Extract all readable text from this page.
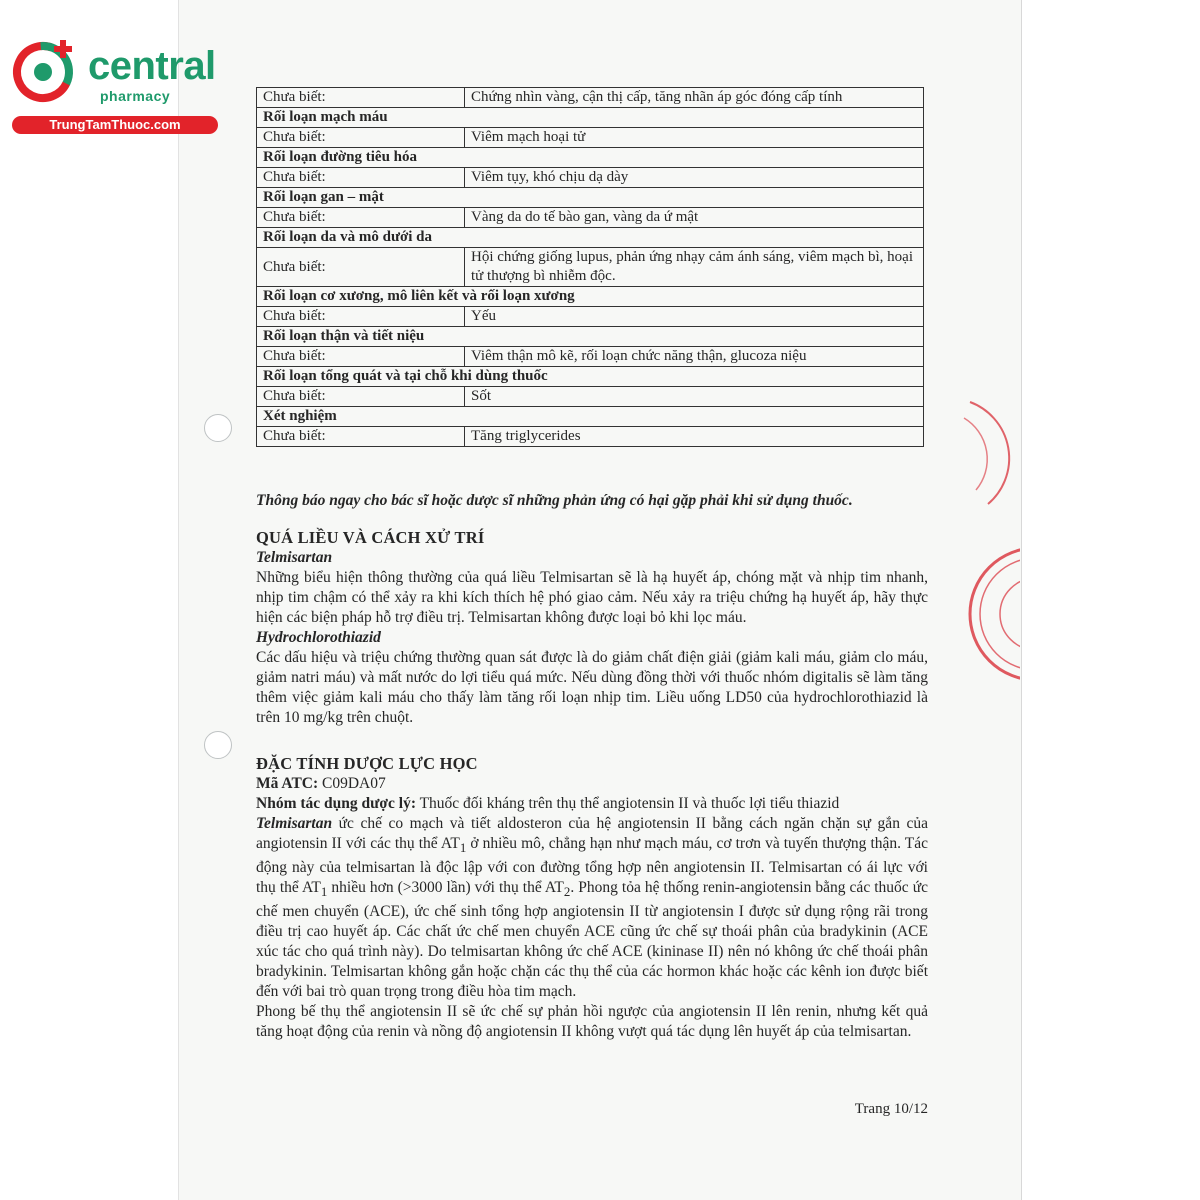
central
pharmacy
TrungTamThuoc.com
Chưa biết:	Chứng nhìn vàng, cận thị cấp, tăng nhãn áp góc đóng cấp tính
Rối loạn mạch máu	
Chưa biết:	Viêm mạch hoại tử
Rối loạn đường tiêu hóa	
Chưa biết:	Viêm tụy, khó chịu dạ dày
Rối loạn gan – mật	
Chưa biết:	Vàng da do tế bào gan, vàng da ứ mật
Rối loạn da và mô dưới da	
Chưa biết:	Hội chứng giống lupus, phản ứng nhạy cảm ánh sáng, viêm mạch bì, hoại tử thượng bì nhiễm độc.
Rối loạn cơ xương, mô liên kết và rối loạn xương	
Chưa biết:	Yếu
Rối loạn thận và tiết niệu	
Chưa biết:	Viêm thận mô kẽ, rối loạn chức năng thận, glucoza niệu
Rối loạn tổng quát và tại chỗ khi dùng thuốc	
Chưa biết:	Sốt
Xét nghiệm	
Chưa biết:	Tăng triglycerides

Thông báo ngay cho bác sĩ hoặc dược sĩ những phản ứng có hại gặp phải khi sử dụng thuốc.

QUÁ LIỀU VÀ CÁCH XỬ TRÍ

Telmisartan

Những biểu hiện thông thường của quá liều Telmisartan sẽ là hạ huyết áp, chóng mặt và nhịp tim nhanh, nhịp tim chậm có thể xảy ra khi kích thích hệ phó giao cảm. Nếu xảy ra triệu chứng hạ huyết áp, hãy thực hiện các biện pháp hỗ trợ điều trị. Telmisartan không được loại bỏ khi lọc máu.

Hydrochlorothiazid

Các dấu hiệu và triệu chứng thường quan sát được là do giảm chất điện giải (giảm kali máu, giảm clo máu, giảm natri máu) và mất nước do lợi tiểu quá mức. Nếu dùng đồng thời với thuốc nhóm digitalis sẽ làm tăng thêm việc giảm kali máu cho thấy làm tăng rối loạn nhịp tim. Liều uống LD50 của hydrochlorothiazid là trên 10 mg/kg trên chuột.

ĐẶC TÍNH DƯỢC LỰC HỌC

Mã ATC: C09DA07

Nhóm tác dụng dược lý: Thuốc đối kháng trên thụ thể angiotensin II và thuốc lợi tiểu thiazid

Telmisartan ức chế co mạch và tiết aldosteron của hệ angiotensin II bằng cách ngăn chặn sự gắn của angiotensin II với các thụ thể $AT_1$ ở nhiều mô, chẳng hạn như mạch máu, cơ trơn và tuyến thượng thận. Tác động này của telmisartan là độc lập với con đường tổng hợp nên angiotensin II. Telmisartan có ái lực với thụ thể $AT_1$ nhiều hơn (>3000 lần) với thụ thể $AT_2$. Phong tỏa hệ thống renin-angiotensin bằng các thuốc ức chế men chuyển (ACE), ức chế sinh tổng hợp angiotensin II từ angiotensin I được sử dụng rộng rãi trong điều trị cao huyết áp. Các chất ức chế men chuyển ACE cũng ức chế sự thoái phân của bradykinin (ACE xúc tác cho quá trình này). Do telmisartan không ức chế ACE (kininase II) nên nó không ức chế thoái phân bradykinin. Telmisartan không gắn hoặc chặn các thụ thể của các hormon khác hoặc các kênh ion được biết đến với bai trò quan trọng trong điều hòa tim mạch.

Phong bế thụ thể angiotensin II sẽ ức chế sự phản hồi ngược của angiotensin II lên renin, nhưng kết quả tăng hoạt động của renin và nồng độ angiotensin II không vượt quá tác dụng lên huyết áp của telmisartan.

Trang 10/12
